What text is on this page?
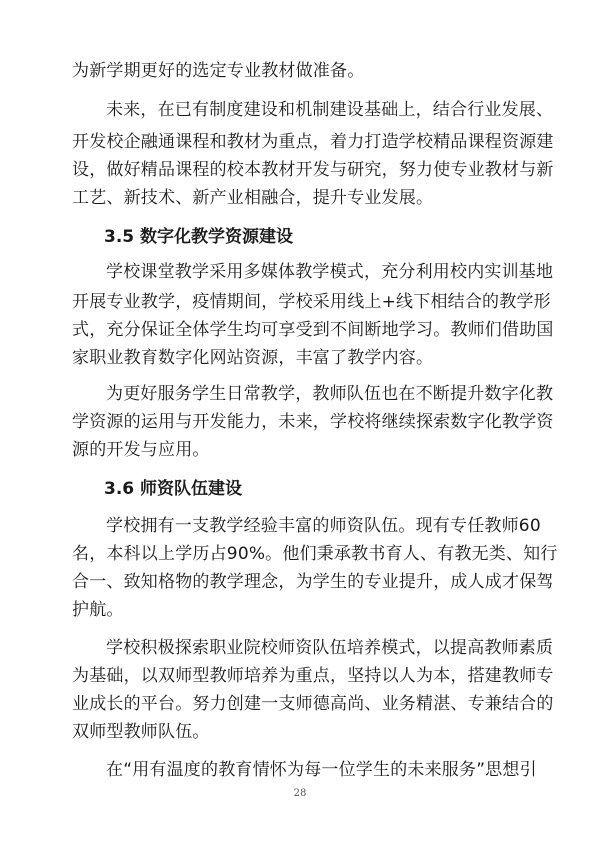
为新学期更好的选定专业教材做准备。
未来，在已有制度建设和机制建设基础上，结合行业发展、
开发校企融通课程和教材为重点，着力打造学校精品课程资源建
设，做好精品课程的校本教材开发与研究，努力使专业教材与新
工艺、新技术、新产业相融合，提升专业发展。
3.5 数字化教学资源建设
学校课堂教学采用多媒体教学模式，充分利用校内实训基地
开展专业教学，疫情期间，学校采用线上+线下相结合的教学形
式，充分保证全体学生均可享受到不间断地学习。教师们借助国
家职业教育数字化网站资源，丰富了教学内容。
为更好服务学生日常教学，教师队伍也在不断提升数字化教
学资源的运用与开发能力，未来，学校将继续探索数字化教学资
源的开发与应用。
3.6 师资队伍建设
学校拥有一支教学经验丰富的师资队伍。现有专任教师60
名，本科以上学历占90%。他们秉承教书育人、有教无类、知行
合一、致知格物的教学理念，为学生的专业提升，成人成才保驾
护航。
学校积极探索职业院校师资队伍培养模式，以提高教师素质
为基础，以双师型教师培养为重点，坚持以人为本，搭建教师专
业成长的平台。努力创建一支师德高尚、业务精湛、专兼结合的
双师型教师队伍。
在“用有温度的教育情怀为每一位学生的未来服务”思想引
28
